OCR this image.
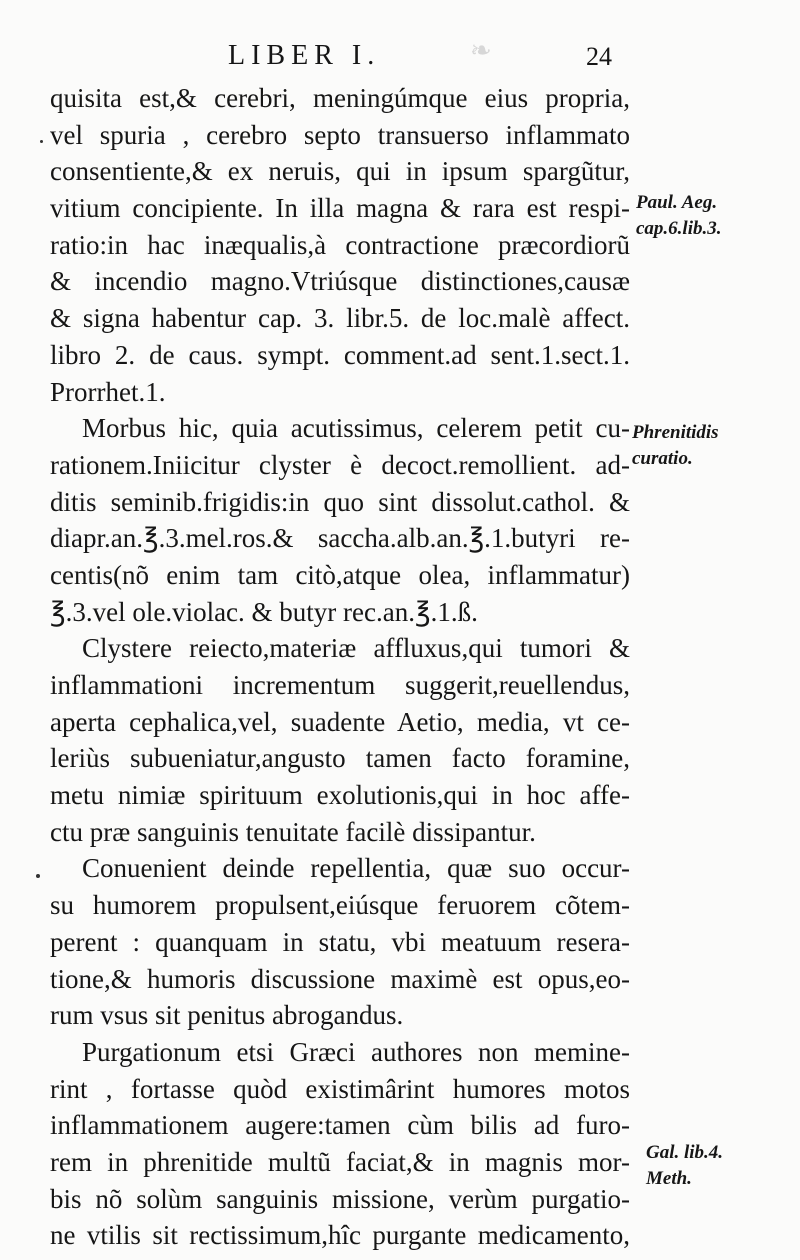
❧
LIBER I.	24
quisita est,& cerebri, meningúmque eius propria,
vel spuria , cerebro septo transuerso inflammato
consentiente,& ex neruis, qui in ipsum spargũtur,
vitium concipiente. In illa magna & rara est respi-
ratio:in hac inæqualis,à contractione præcordiorũ
& incendio magno.Vtriúsque distinctiones,causæ
& signa habentur cap. 3. libr.5. de loc.malè affect.
libro 2. de caus. sympt. comment.ad sent.1.sect.1.
Prorrhet.1.
Morbus hic, quia acutissimus, celerem petit cu-
rationem.Iniicitur clyster è decoct.remollient. ad-
ditis seminib.frigidis:in quo sint dissolut.cathol. &
diapr.an.℥.3.mel.ros.& saccha.alb.an.℥.1.butyri re-
centis(nõ enim tam citò,atque olea, inflammatur)
℥.3.vel ole.violac. & butyr rec.an.℥.1.ß.
Clystere reiecto,materiæ affluxus,qui tumori &
inflammationi incrementum suggerit,reuellendus,
aperta cephalica,vel, suadente Aetio, media, vt ce-
leriùs subueniatur,angusto tamen facto foramine,
metu nimiæ spirituum exolutionis,qui in hoc affe-
ctu præ sanguinis tenuitate facilè dissipantur.
Conuenient deinde repellentia, quæ suo occur-
su humorem propulsent,eiúsque feruorem cõtem-
perent : quanquam in statu, vbi meatuum resera-
tione,& humoris discussione maximè est opus,eo-
rum vsus sit penitus abrogandus.
Purgationum etsi Græci authores non meminе-
rint , fortasse quòd existimârint humores motos
inflammationem augere:tamen cùm bilis ad furo-
rem in phrenitide multũ faciat,& in magnis mor-
bis nõ solùm sanguinis missione, verùm purgatio-
ne vtilis sit rectissimum,hîc purgante medicamento,
Paul. Aeg.
cap.6.lib.3.
Phrenitidis
curatio.
Gal. lib.4.
Meth.
